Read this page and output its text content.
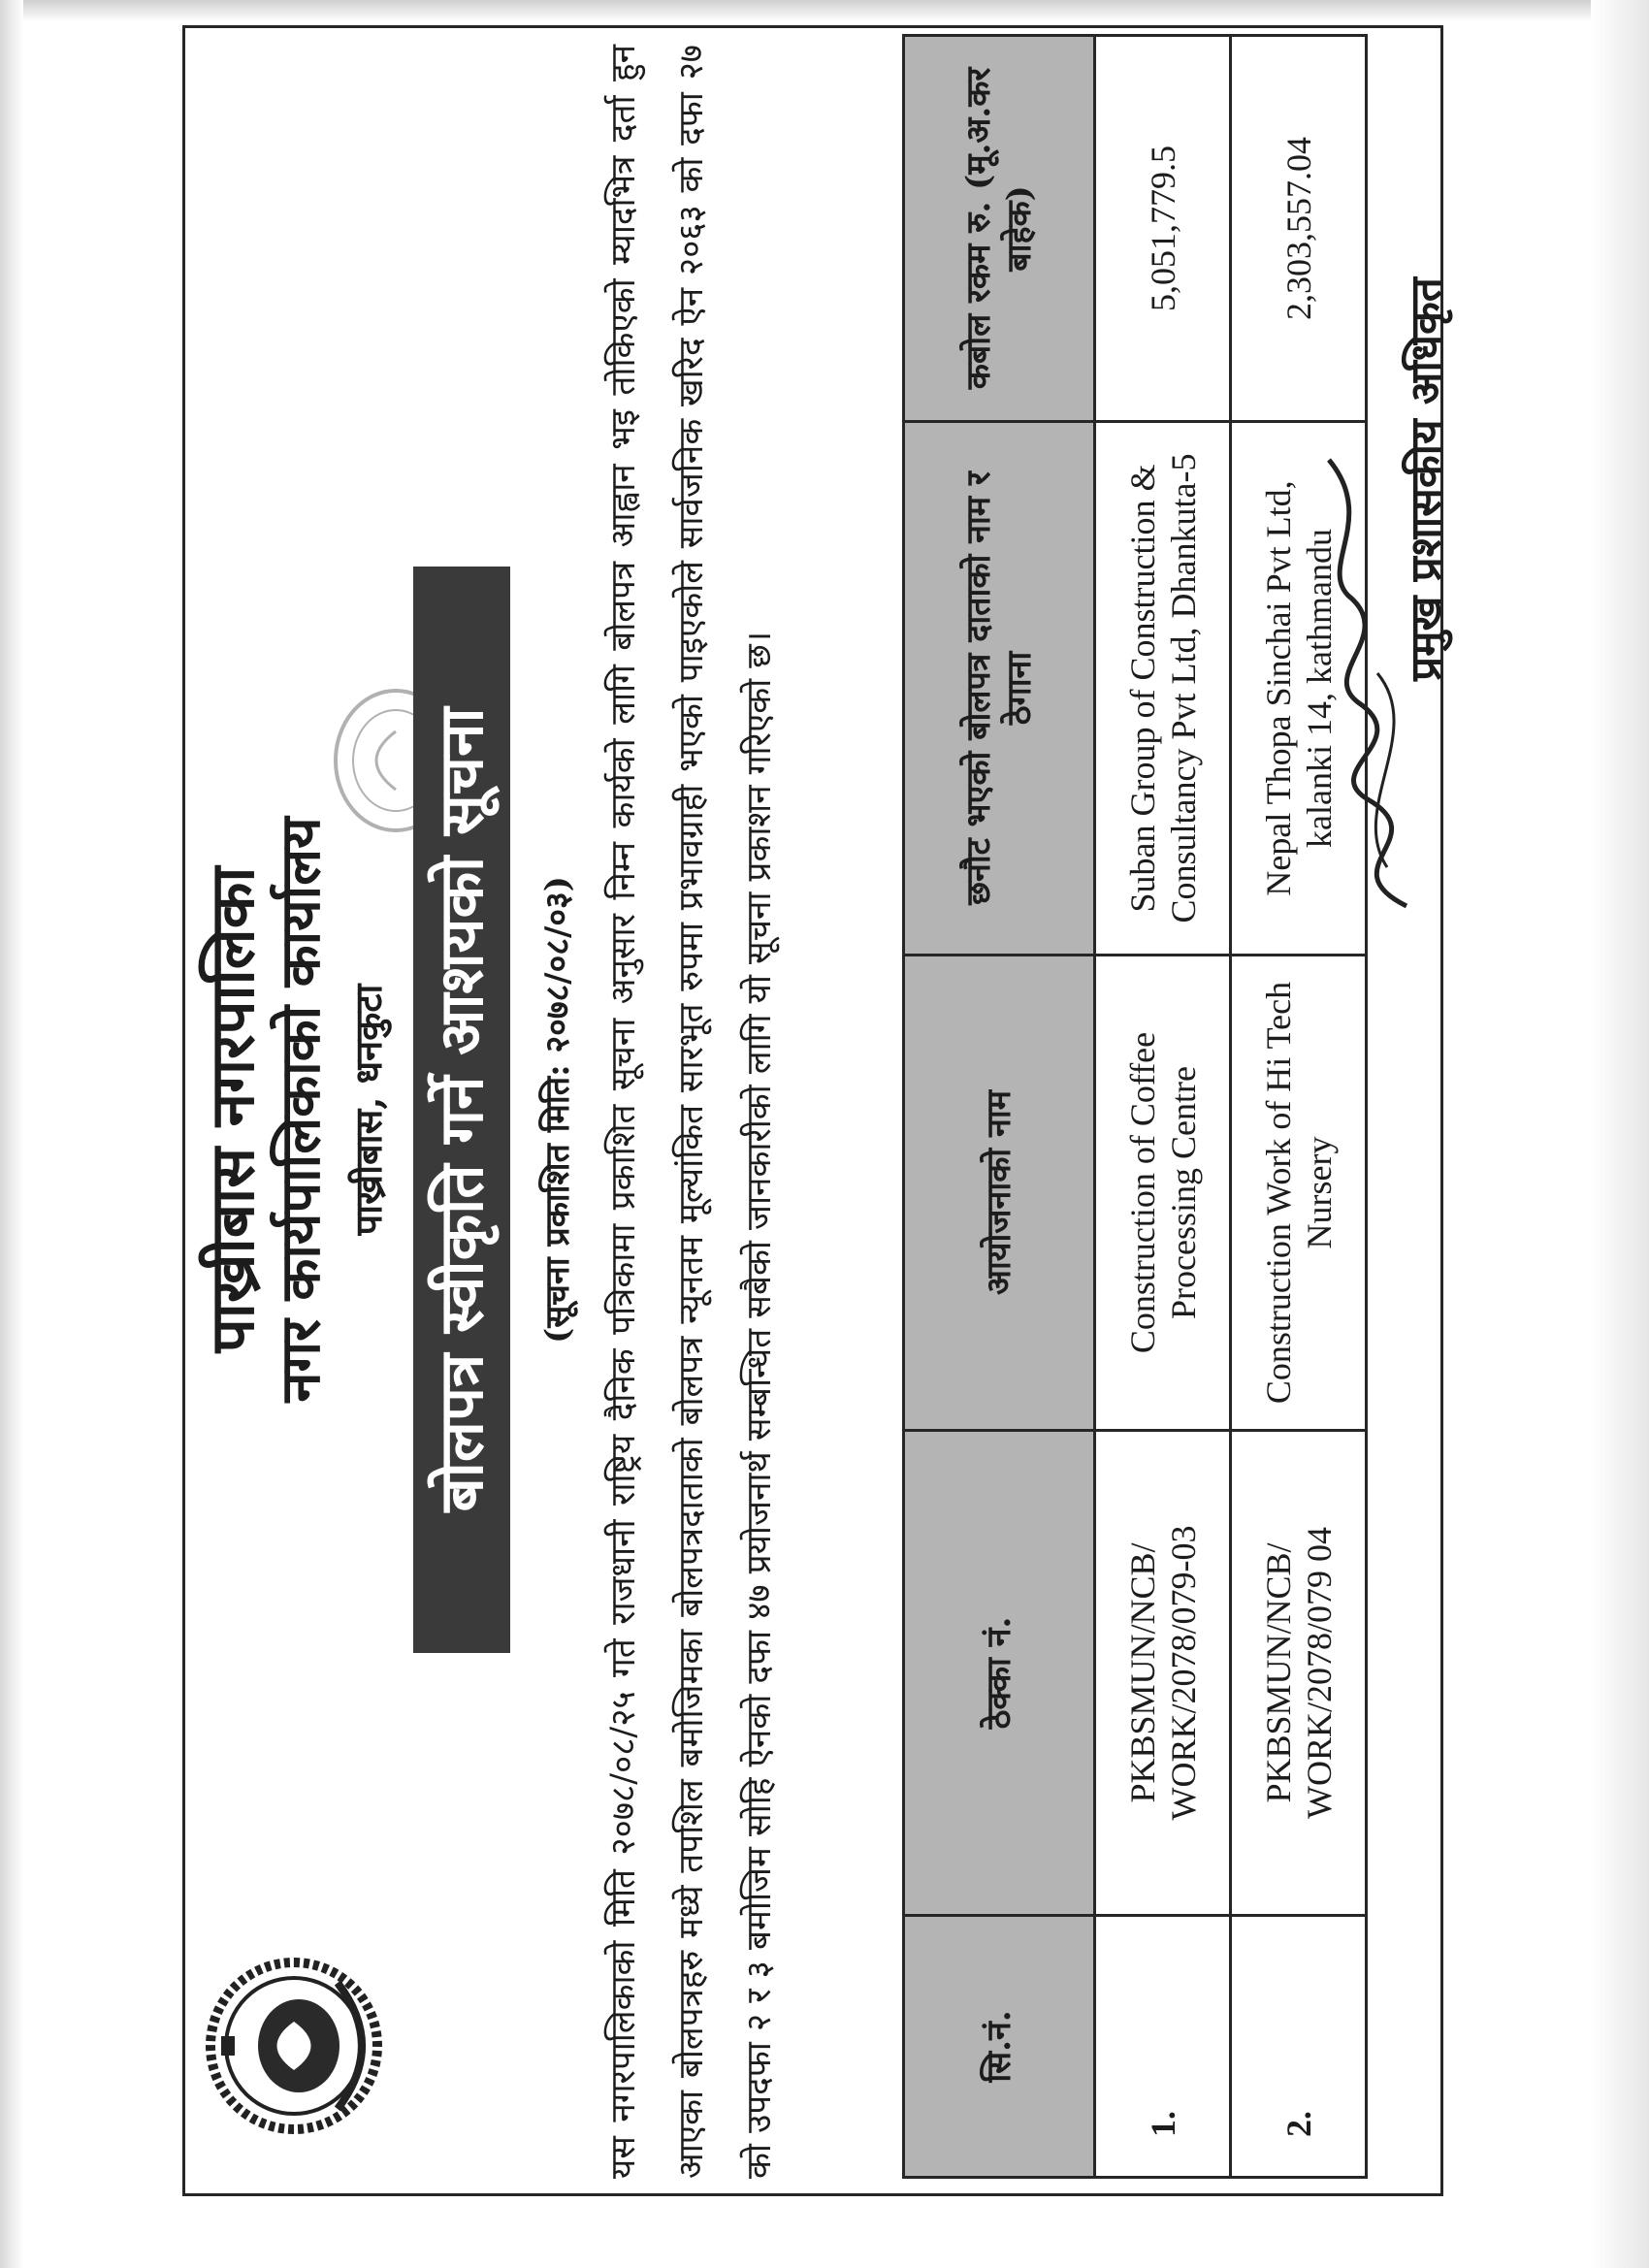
पाख्रीबास नगरपालिका नगर कार्यपालिकाको कार्यालय पाख्रीबास, धनकुटा बोलपत्र स्वीकृति गर्ने आशयको सूचना	(सूचना प्रकाशित मिति: २०७८/०८/०३) यस नगरपालिकाको मिति २०७८/०८/२५ गते राजधानी राष्ट्रिय दैनिक पत्रिकामा प्रकाशित सूचना अनुसार निम्न कार्यको लागि बोलपत्र आह्वान भइ तोकिएको म्यादभित्र दर्ता हुन आएका बोलपत्रहरु मध्ये तपशिल बमोजिमका बोलपत्रदाताको बोलपत्र न्यूनतम मूल्यांकित सारभूत रुपमा प्रभावग्राही भएको पाइएकोले सार्वजनिक खरिद ऐन २०६३ को दफा २७ को उपदफा २ र ३ बमोजिम सोहि ऐनको दफा ४७ प्रयोजनार्थ सम्बन्धित सबैको जानकारीको लागि यो सूचना प्रकाशन गरिएको छ।	सि.नं.	ठेक्का नं.	आयोजनाको नाम	छनौट भएको बोलपत्र दाताको नाम र ठेगाना	कबोल रकम रु. (मू.अ.कर बाहेक)
1.	PKBSMUN/NCB/ WORK/2078/079-03	Construction of Coffee Processing Centre	Suban Group of Construction & Consultancy Pvt Ltd, Dhankuta-5	5,051,779.5
2.	PKBSMUN/NCB/ WORK/2078/079 04	Construction Work of Hi Tech Nursery	Nepal Thopa Sinchai Pvt Ltd, kalanki 14, kathmandu	2,303,557.04
प्रमुख प्रशासकीय अधिकृत
